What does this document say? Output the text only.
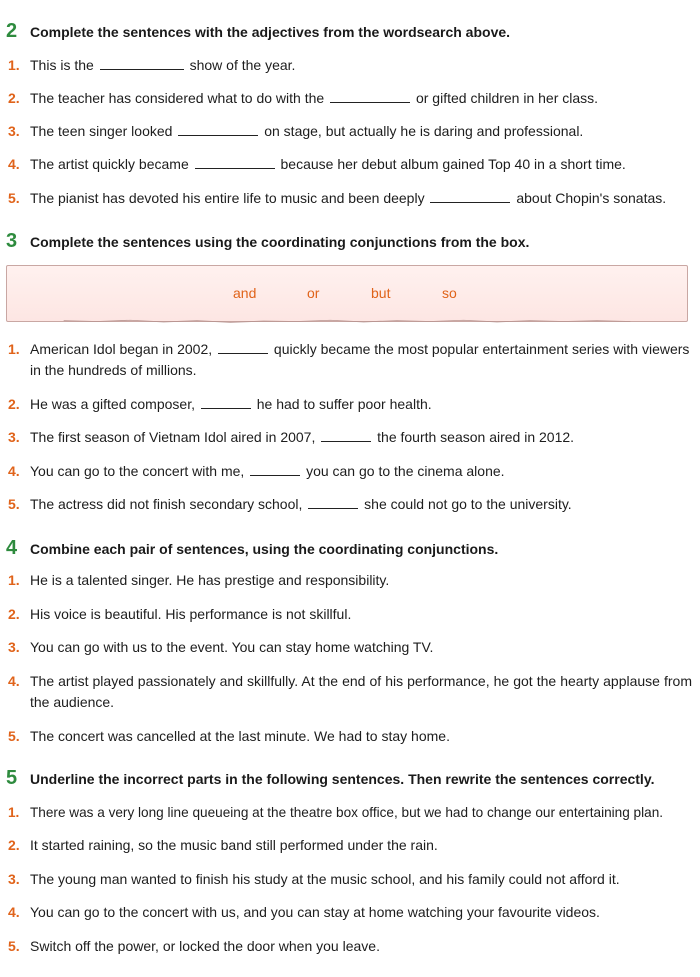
2 Complete the sentences with the adjectives from the wordsearch above.
1. This is the	show of the year.
2. The teacher has considered what to do with the	or gifted children in her class.
3. The teen singer looked	on stage, but actually he is daring and professional.
4. The artist quickly became	because her debut album gained Top 40 in a short time.
5. The pianist has devoted his entire life to music and been deeply	about Chopin's sonatas.
3 Complete the sentences using the coordinating conjunctions from the box.
and	or	but	so
1. American Idol began in 2002,	quickly became the most popular entertainment series with viewers in the hundreds of millions.
2. He was a gifted composer,	he had to suffer poor health.
3. The first season of Vietnam Idol aired in 2007,	the fourth season aired in 2012.
4. You can go to the concert with me,	you can go to the cinema alone.
5. The actress did not finish secondary school,	she could not go to the university.
4 Combine each pair of sentences, using the coordinating conjunctions.
1. He is a talented singer. He has prestige and responsibility.
2. His voice is beautiful. His performance is not skillful.
3. You can go with us to the event. You can stay home watching TV.
4. The artist played passionately and skillfully. At the end of his performance, he got the hearty applause from the audience.
5. The concert was cancelled at the last minute. We had to stay home.
5 Underline the incorrect parts in the following sentences. Then rewrite the sentences correctly.
1. There was a very long line queueing at the theatre box office, but we had to change our entertaining plan.
2. It started raining, so the music band still performed under the rain.
3. The young man wanted to finish his study at the music school, and his family could not afford it.
4. You can go to the concert with us, and you can stay at home watching your favourite videos.
5. Switch off the power, or locked the door when you leave.
